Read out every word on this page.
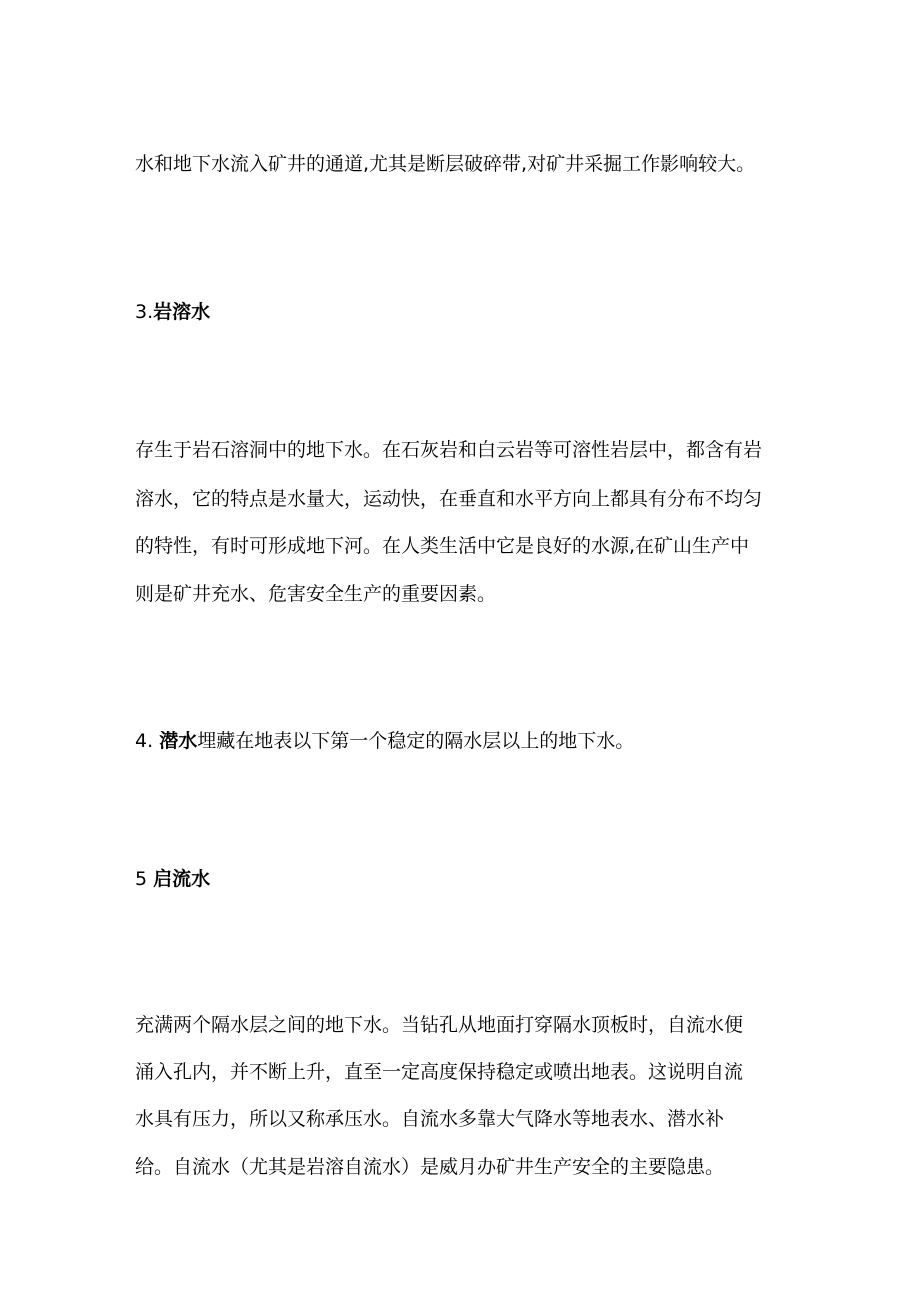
水和地下水流入矿井的通道,尤其是断层破碎带,对矿井采掘工作影响较大。
3.岩溶水
存生于岩石溶洞中的地下水。在石灰岩和白云岩等可溶性岩层中，都含有岩
溶水，它的特点是水量大，运动快，在垂直和水平方向上都具有分布不均匀
的特性，有时可形成地下河。在人类生活中它是良好的水源,在矿山生产中
则是矿井充水、危害安全生产的重要因素。
4. 潜水埋藏在地表以下第一个稳定的隔水层以上的地下水。
5 启流水
充满两个隔水层之间的地下水。当钻孔从地面打穿隔水顶板时，自流水便
涌入孔内，并不断上升，直至一定高度保持稳定或喷出地表。这说明自流
水具有压力，所以又称承压水。自流水多靠大气降水等地表水、潜水补
给。自流水（尤其是岩溶自流水）是威月办矿井生产安全的主要隐患。
